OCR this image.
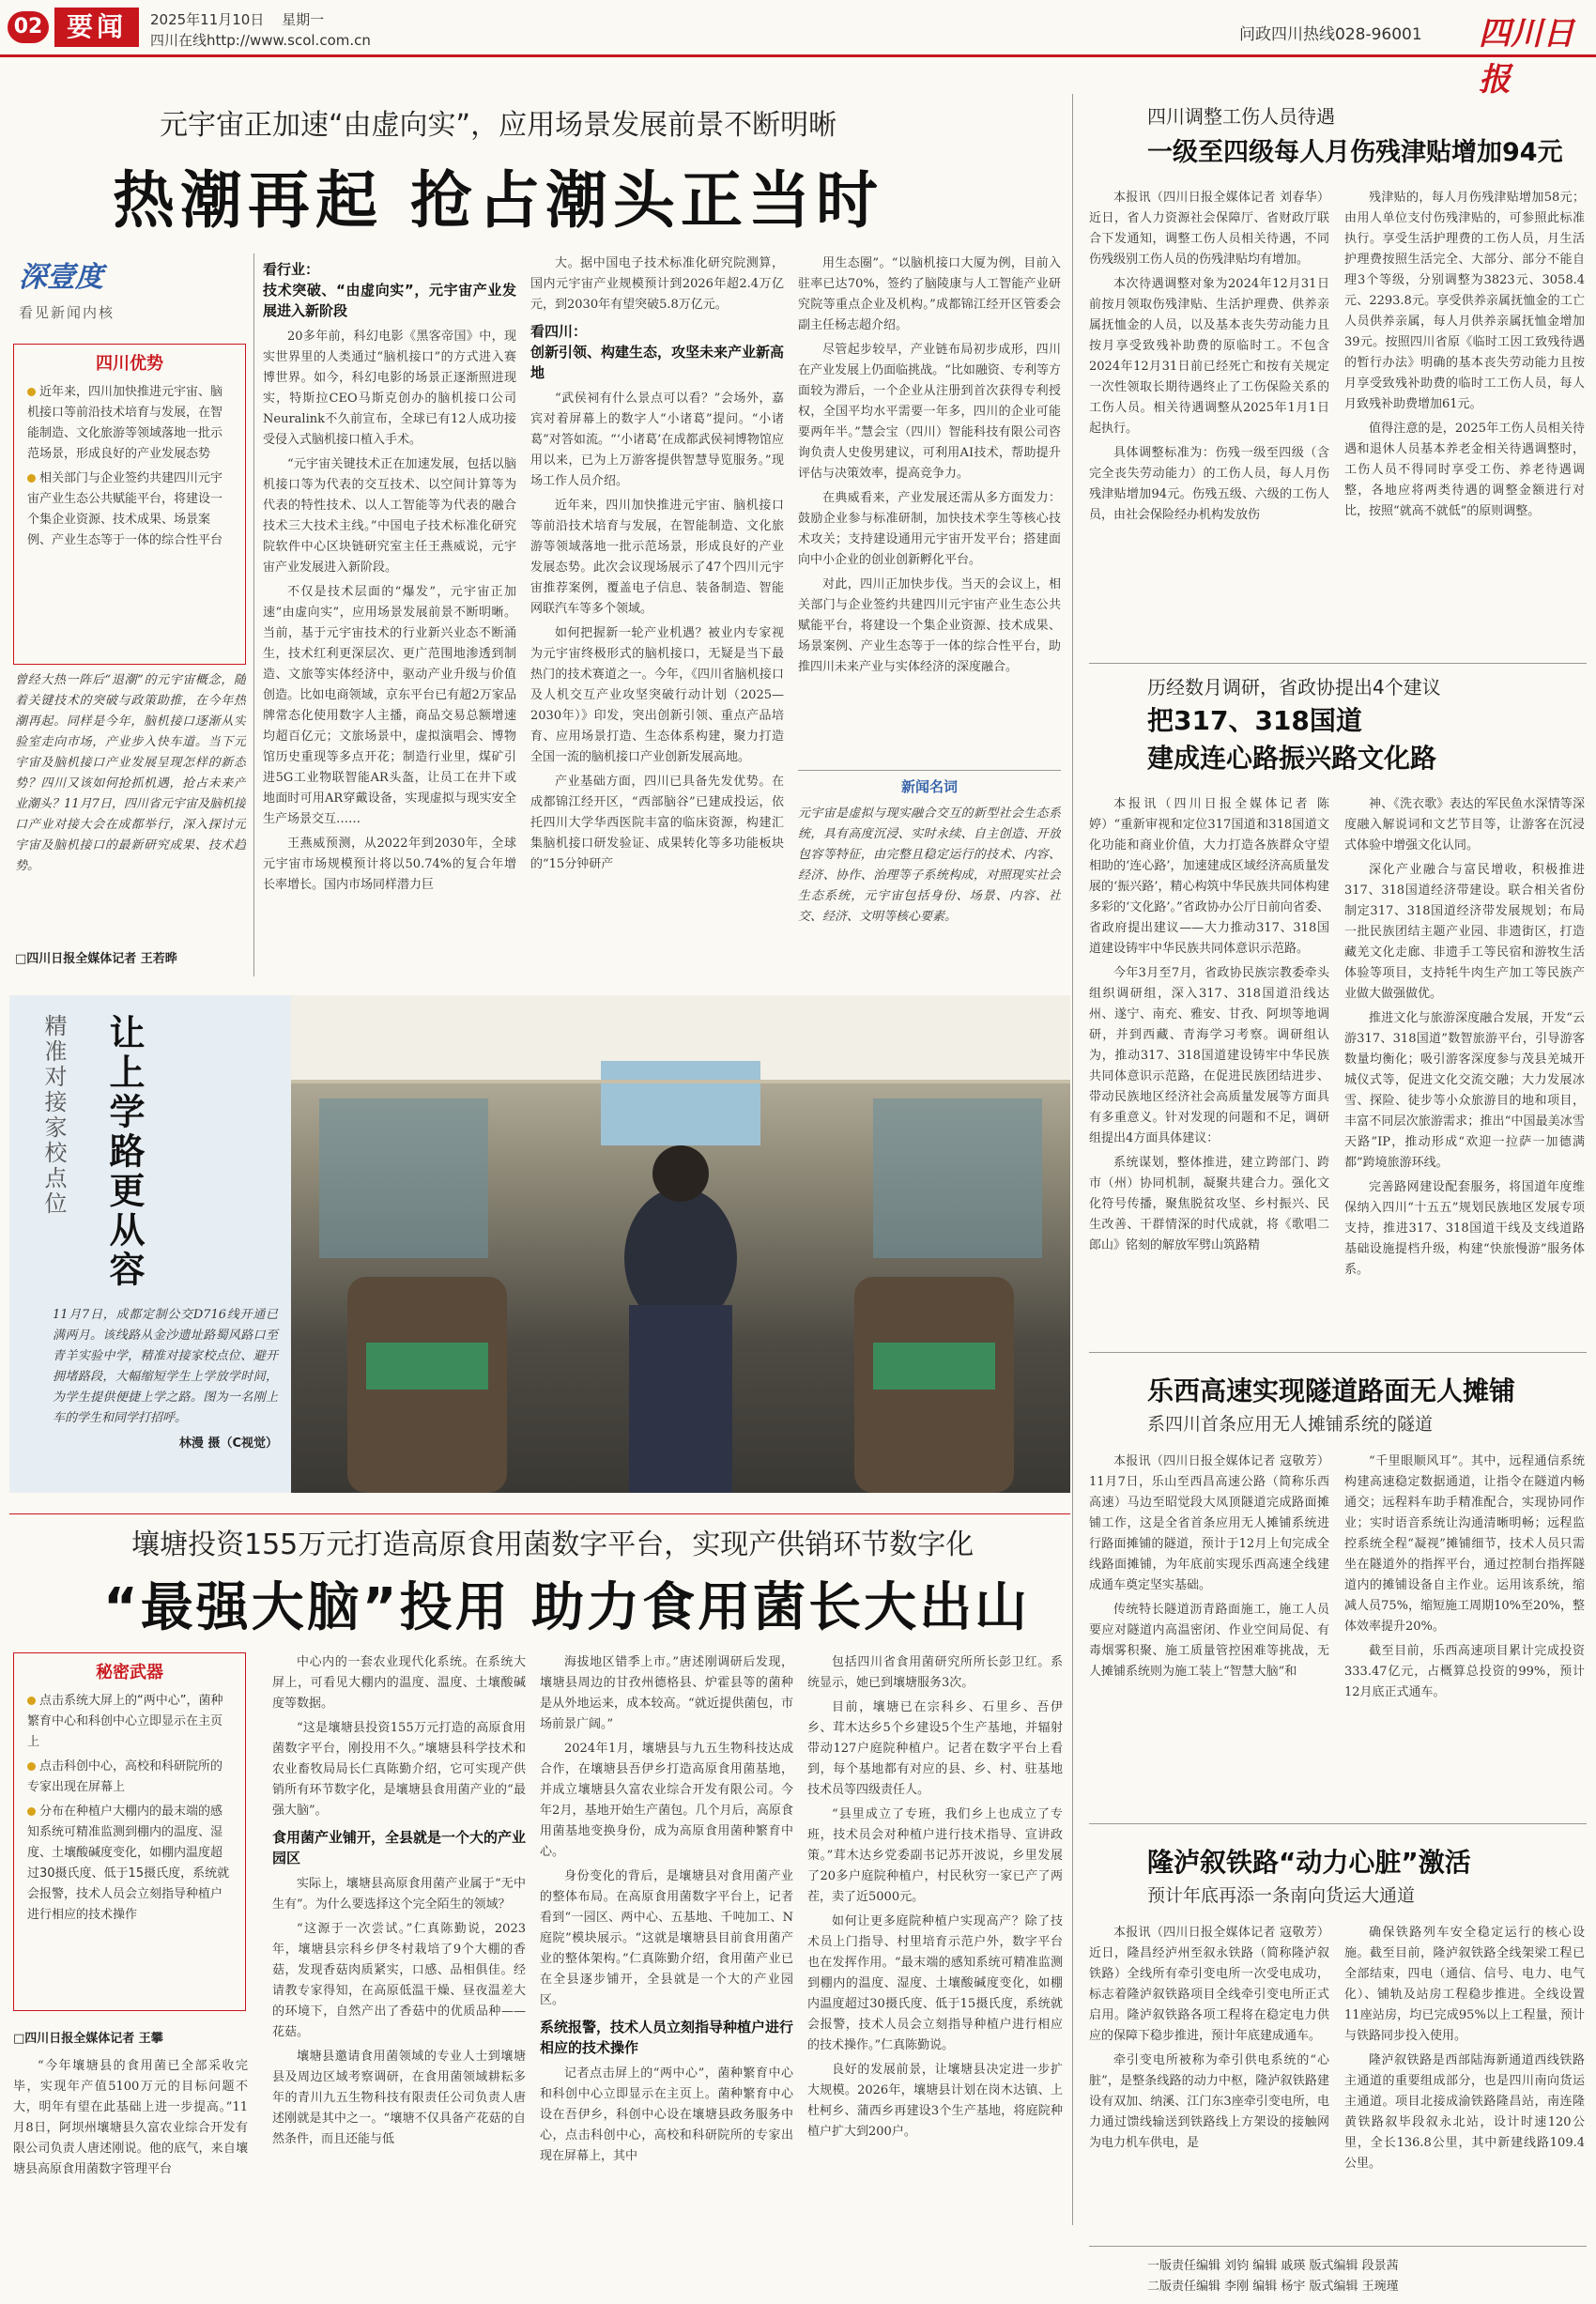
02 要闻	2025年11月10日 星期一
四川在线http://www.scol.com.cn	问政四川热线028-96001 四川日报
元宇宙正加速“由虚向实”，应用场景发展前景不断明晰
热潮再起 抢占潮头正当时
深壹度
看见新闻内核
四川优势

近年来，四川加快推进元宇宙、脑机接口等前沿技术培育与发展，在智能制造、文化旅游等领域落地一批示范场景，形成良好的产业发展态势

相关部门与企业签约共建四川元宇宙产业生态公共赋能平台，将建设一个集企业资源、技术成果、场景案例、产业生态等于一体的综合性平台

曾经大热一阵后“退潮”的元宇宙概念，随着关键技术的突破与政策助推，在今年热潮再起。同样是今年，脑机接口逐渐从实验室走向市场，产业步入快车道。当下元宇宙及脑机接口产业发展呈现怎样的新态势？四川又该如何抢抓机遇，抢占未来产业潮头？11月7日，四川省元宇宙及脑机接口产业对接大会在成都举行，深入探讨元宇宙及脑机接口的最新研究成果、技术趋势。
□四川日报全媒体记者 王若晔
看行业：
技术突破、“由虚向实”，元宇宙产业发展进入新阶段

20多年前，科幻电影《黑客帝国》中，现实世界里的人类通过“脑机接口”的方式进入赛博世界。如今，科幻电影的场景正逐渐照进现实，特斯拉CEO马斯克创办的脑机接口公司Neuralink不久前宣布，全球已有12人成功接受侵入式脑机接口植入手术。

“元宇宙关键技术正在加速发展，包括以脑机接口等为代表的交互技术、以空间计算等为代表的特性技术、以人工智能等为代表的融合技术三大技术主线。”中国电子技术标准化研究院软件中心区块链研究室主任王燕威说，元宇宙产业发展进入新阶段。

不仅是技术层面的“爆发”，元宇宙正加速“由虚向实”，应用场景发展前景不断明晰。当前，基于元宇宙技术的行业新兴业态不断涌生，技术红利更深层次、更广范围地渗透到制造、文旅等实体经济中，驱动产业升级与价值创造。比如电商领域，京东平台已有超2万家品牌常态化使用数字人主播，商品交易总额增速均超百亿元；文旅场景中，虚拟演唱会、博物馆历史重现等多点开花；制造行业里，煤矿引进5G工业物联智能AR头盔，让员工在井下或地面时可用AR穿戴设备，实现虚拟与现实安全生产场景交互……

王燕威预测，从2022年到2030年，全球元宇宙市场规模预计将以50.74%的复合年增长率增长。国内市场同样潜力巨

大。据中国电子技术标准化研究院测算，国内元宇宙产业规模预计到2026年超2.4万亿元，到2030年有望突破5.8万亿元。

看四川：
创新引领、构建生态，攻坚未来产业新高地

“武侯祠有什么景点可以看？”会场外，嘉宾对着屏幕上的数字人“小诸葛”提问。“小诸葛”对答如流。“‘小诸葛’在成都武侯祠博物馆应用以来，已为上万游客提供智慧导览服务。”现场工作人员介绍。

近年来，四川加快推进元宇宙、脑机接口等前沿技术培育与发展，在智能制造、文化旅游等领域落地一批示范场景，形成良好的产业发展态势。此次会议现场展示了47个四川元宇宙推荐案例，覆盖电子信息、装备制造、智能网联汽车等多个领域。

如何把握新一轮产业机遇？被业内专家视为元宇宙终极形式的脑机接口，无疑是当下最热门的技术赛道之一。今年，《四川省脑机接口及人机交互产业攻坚突破行动计划（2025—2030年）》印发，突出创新引领、重点产品培育、应用场景打造、生态体系构建，聚力打造全国一流的脑机接口产业创新发展高地。

产业基础方面，四川已具备先发优势。在成都锦江经开区，“西部脑谷”已建成投运，依托四川大学华西医院丰富的临床资源，构建汇集脑机接口研发验证、成果转化等多功能板块的“15分钟研产

用生态圈”。“以脑机接口大厦为例，目前入驻率已达70%，签约了脑陵康与人工智能产业研究院等重点企业及机构。”成都锦江经开区管委会副主任杨志超介绍。

尽管起步较早，产业链布局初步成形，四川在产业发展上仍面临挑战。“比如融资、专利等方面较为滞后，一个企业从注册到首次获得专利授权，全国平均水平需要一年多，四川的企业可能要两年半。”慧会宝（四川）智能科技有限公司咨询负责人史俊男建议，可利用AI技术，帮助提升评估与决策效率，提高竞争力。

在典威看来，产业发展还需从多方面发力：鼓励企业参与标准研制，加快技术孪生等核心技术攻关；支持建设通用元宇宙开发平台；搭建面向中小企业的创业创新孵化平台。

对此，四川正加快步伐。当天的会议上，相关部门与企业签约共建四川元宇宙产业生态公共赋能平台，将建设一个集企业资源、技术成果、场景案例、产业生态等于一体的综合性平台，助推四川未来产业与实体经济的深度融合。

新闻名词
元宇宙是虚拟与现实融合交互的新型社会生态系统，具有高度沉浸、实时永续、自主创造、开放包容等特征，由完整且稳定运行的技术、内容、经济、协作、治理等子系统构成，对照现实社会生态系统，元宇宙包括身份、场景、内容、社交、经济、文明等核心要素。
让上学路更从容
精准对接家校点位
11月7日，成都定制公交D716线开通已满两月。该线路从金沙遗址路蜀风路口至青羊实验中学，精准对接家校点位、避开拥堵路段，大幅缩短学生上学放学时间，为学生提供便捷上学之路。图为一名刚上车的学生和同学打招呼。
林漫 摄（C视觉）
壤塘投资155万元打造高原食用菌数字平台，实现产供销环节数字化
“最强大脑”投用 助力食用菌长大出山
秘密武器

点击系统大屏上的“两中心”，菌种繁育中心和科创中心立即显示在主页上

点击科创中心，高校和科研院所的专家出现在屏幕上

分布在种植户大棚内的最末端的感知系统可精准监测到棚内的温度、湿度、土壤酸碱度变化，如棚内温度超过30摄氏度、低于15摄氏度，系统就会报警，技术人员会立刻指导种植户进行相应的技术操作

□四川日报全媒体记者 王攀

“今年壤塘县的食用菌已全部采收完毕，实现年产值5100万元的目标问题不大，明年有望在此基础上进一步提高。”11月8日，阿坝州壤塘县久富农业综合开发有限公司负责人唐述刚说。他的底气，来自壤塘县高原食用菌数字管理平台

中心内的一套农业现代化系统。在系统大屏上，可看见大棚内的温度、温度、土壤酸碱度等数据。

“这是壤塘县投资155万元打造的高原食用菌数字平台，刚投用不久。”壤塘县科学技术和农业畜牧局局长仁真陈勤介绍，它可实现产供销所有环节数字化，是壤塘县食用菌产业的“最强大脑”。

食用菌产业铺开，全县就是一个大的产业园区

实际上，壤塘县高原食用菌产业属于“无中生有”。为什么要选择这个完全陌生的领域？

“这源于一次尝试。”仁真陈勤说，2023年，壤塘县宗科乡伊冬村栽培了9个大棚的香菇，发现香菇肉质紧实，口感、品相俱佳。经请教专家得知，在高原低温干燥、昼夜温差大的环境下，自然产出了香菇中的优质品种——花菇。

壤塘县邀请食用菌领域的专业人士到壤塘县及周边区域考察调研，在食用菌领域耕耘多年的青川九五生物科技有限责任公司负责人唐述刚就是其中之一。“壤塘不仅具备产花菇的自然条件，而且还能与低

海拔地区错季上市。”唐述刚调研后发现，壤塘县周边的甘孜州德格县、炉霍县等的菌种是从外地运来，成本较高。“就近提供菌包，市场前景广阔。”

2024年1月，壤塘县与九五生物科技达成合作，在壤塘县吾伊乡打造高原食用菌基地，并成立壤塘县久富农业综合开发有限公司。今年2月，基地开始生产菌包。几个月后，高原食用菌基地变换身份，成为高原食用菌种繁育中心。

身份变化的背后，是壤塘县对食用菌产业的整体布局。在高原食用菌数字平台上，记者看到“一园区、两中心、五基地、千吨加工、N庭院”模块展示。“这就是壤塘县目前食用菌产业的整体架构。”仁真陈勤介绍，食用菌产业已在全县逐步铺开，全县就是一个大的产业园区。

系统报警，技术人员立刻指导种植户进行相应的技术操作

记者点击屏上的“两中心”，菌种繁育中心和科创中心立即显示在主页上。菌种繁育中心设在吾伊乡，科创中心设在壤塘县政务服务中心，点击科创中心，高校和科研院所的专家出现在屏幕上，其中

包括四川省食用菌研究所所长彭卫红。系统显示，她已到壤塘服务3次。

目前，壤塘已在宗科乡、石里乡、吾伊乡、茸木达乡5个乡建设5个生产基地，并辐射带动127户庭院种植户。记者在数字平台上看到，每个基地都有对应的县、乡、村、驻基地技术员等四级责任人。

“县里成立了专班，我们乡上也成立了专班，技术员会对种植户进行技术指导、宣讲政策。”茸木达乡党委副书记苏开波说，乡里发展了20多户庭院种植户，村民秋穷一家已产了两茬，卖了近5000元。

如何让更多庭院种植户实现高产？除了技术员上门指导、村里培育示范户外，数字平台也在发挥作用。“最末端的感知系统可精准监测到棚内的温度、湿度、土壤酸碱度变化，如棚内温度超过30摄氏度、低于15摄氏度，系统就会报警，技术人员会立刻指导种植户进行相应的技术操作。”仁真陈勤说。

良好的发展前景，让壤塘县决定进一步扩大规模。2026年，壤塘县计划在岗木达镇、上杜柯乡、蒲西乡再建设3个生产基地，将庭院种植户扩大到200户。

四川调整工伤人员待遇
一级至四级每人月伤残津贴增加94元

本报讯（四川日报全媒体记者 刘春华）近日，省人力资源社会保障厅、省财政厅联合下发通知，调整工伤人员相关待遇，不同伤残级别工伤人员的伤残津贴均有增加。

本次待遇调整对象为2024年12月31日前按月领取伤残津贴、生活护理费、供养亲属抚恤金的人员，以及基本丧失劳动能力且按月享受致残补助费的原临时工。不包含2024年12月31日前已经死亡和按有关规定一次性领取长期待遇终止了工伤保险关系的工伤人员。相关待遇调整从2025年1月1日起执行。

具体调整标准为：伤残一级至四级（含完全丧失劳动能力）的工伤人员，每人月伤残津贴增加94元。伤残五级、六级的工伤人员，由社会保险经办机构发放伤

残津贴的，每人月伤残津贴增加58元；由用人单位支付伤残津贴的，可参照此标准执行。享受生活护理费的工伤人员，月生活护理费按照生活完全、大部分、部分不能自理3个等级，分别调整为3823元、3058.4元、2293.8元。享受供养亲属抚恤金的工亡人员供养亲属，每人月供养亲属抚恤金增加39元。按照四川省原《临时工因工致残待遇的暂行办法》明确的基本丧失劳动能力且按月享受致残补助费的临时工工伤人员，每人月致残补助费增加61元。

值得注意的是，2025年工伤人员相关待遇和退休人员基本养老金相关待遇调整时，工伤人员不得同时享受工伤、养老待遇调整，各地应将两类待遇的调整金额进行对比，按照“就高不就低”的原则调整。

历经数月调研，省政协提出4个建议
把317、318国道
建成连心路振兴路文化路

本报讯（四川日报全媒体记者 陈婷）“重新审视和定位317国道和318国道文化功能和商业价值，大力打造各族群众守望相助的‘连心路’，加速建成区域经济高质量发展的‘振兴路’，精心构筑中华民族共同体构建多彩的‘文化路’。”省政协办公厅日前向省委、省政府提出建议——大力推动317、318国道建设铸牢中华民族共同体意识示范路。

今年3月至7月，省政协民族宗教委牵头组织调研组，深入317、318国道沿线达州、遂宁、南充、雅安、甘孜、阿坝等地调研，并到西藏、青海学习考察。调研组认为，推动317、318国道建设铸牢中华民族共同体意识示范路，在促进民族团结进步、带动民族地区经济社会高质量发展等方面具有多重意义。针对发现的问题和不足，调研组提出4方面具体建议：

系统谋划，整体推进，建立跨部门、跨市（州）协同机制，凝聚共建合力。强化文化符号传播，聚焦脱贫攻坚、乡村振兴、民生改善、干群情深的时代成就，将《歌唱二郎山》铭刻的解放军劈山筑路精

神、《洗衣歌》表达的军民鱼水深情等深度融入解说词和文艺节目等，让游客在沉浸式体验中增强文化认同。

深化产业融合与富民增收，积极推进317、318国道经济带建设。联合相关省份制定317、318国道经济带发展规划；布局一批民族团结主题产业园、非遗街区，打造藏羌文化走廊、非遗手工等民宿和游牧生活体验等项目，支持牦牛肉生产加工等民族产业做大做强做优。

推进文化与旅游深度融合发展，开发“云游317、318国道”数智旅游平台，引导游客数量均衡化；吸引游客深度参与茂县羌城开城仪式等，促进文化交流交融；大力发展冰雪、探险、徒步等小众旅游目的地和项目，丰富不同层次旅游需求；推出“中国最美冰雪天路”IP，推动形成“欢迎一拉萨一加德满都”跨境旅游环线。

完善路网建设配套服务，将国道年度维保纳入四川“十五五”规划民族地区发展专项支持，推进317、318国道干线及支线道路基础设施提档升级，构建“快旅慢游”服务体系。

乐西高速实现隧道路面无人摊铺
系四川首条应用无人摊铺系统的隧道

本报讯（四川日报全媒体记者 寇敬芳）11月7日，乐山至西昌高速公路（简称乐西高速）马边至昭觉段大凤顶隧道完成路面摊铺工作，这是全省首条应用无人摊铺系统进行路面摊铺的隧道，预计于12月上旬完成全线路面摊铺，为年底前实现乐西高速全线建成通车奠定坚实基础。

传统特长隧道沥青路面施工，施工人员要应对隧道内高温密闭、作业空间局促、有毒烟雾积聚、施工质量管控困难等挑战，无人摊铺系统则为施工装上“智慧大脑”和

“千里眼顺风耳”。其中，远程通信系统构建高速稳定数据通道，让指令在隧道内畅通交；远程料车助手精准配合，实现协同作业；实时语音系统让沟通清晰明畅；远程监控系统全程“凝视”摊铺细节，技术人员只需坐在隧道外的指挥平台，通过控制台指挥隧道内的摊铺设备自主作业。运用该系统，缩减人员75%，缩短施工周期10%至20%，整体效率提升20%。

截至目前，乐西高速项目累计完成投资333.47亿元，占概算总投资的99%，预计12月底正式通车。

隆泸叙铁路“动力心脏”激活
预计年底再添一条南向货运大通道

本报讯（四川日报全媒体记者 寇敬芳）近日，隆昌经泸州至叙永铁路（简称隆泸叙铁路）全线所有牵引变电所一次受电成功，标志着隆泸叙铁路项目全线牵引变电所正式启用。隆泸叙铁路各项工程将在稳定电力供应的保障下稳步推进，预计年底建成通车。

牵引变电所被称为牵引供电系统的“心脏”，是整条线路的动力中枢，隆泸叙铁路建设有双加、纳溪、江门东3座牵引变电所，电力通过馈线输送到铁路线上方架设的接触网为电力机车供电，是

确保铁路列车安全稳定运行的核心设施。截至目前，隆泸叙铁路全线架梁工程已全部结束，四电（通信、信号、电力、电气化）、铺轨及站房工程稳步推进。全线设置11座站房，均已完成95%以上工程量，预计与铁路同步投入使用。

隆泸叙铁路是西部陆海新通道西线铁路主通道的重要组成部分，也是四川南向货运主通道。项目北接成渝铁路隆昌站，南连隆黄铁路叙毕段叙永北站，设计时速120公里，全长136.8公里，其中新建线路109.4公里。

一版责任编辑 刘钧 编辑 戚瑛 版式编辑 段景茜
二版责任编辑 李刚 编辑 杨宇 版式编辑 王琬瑾
